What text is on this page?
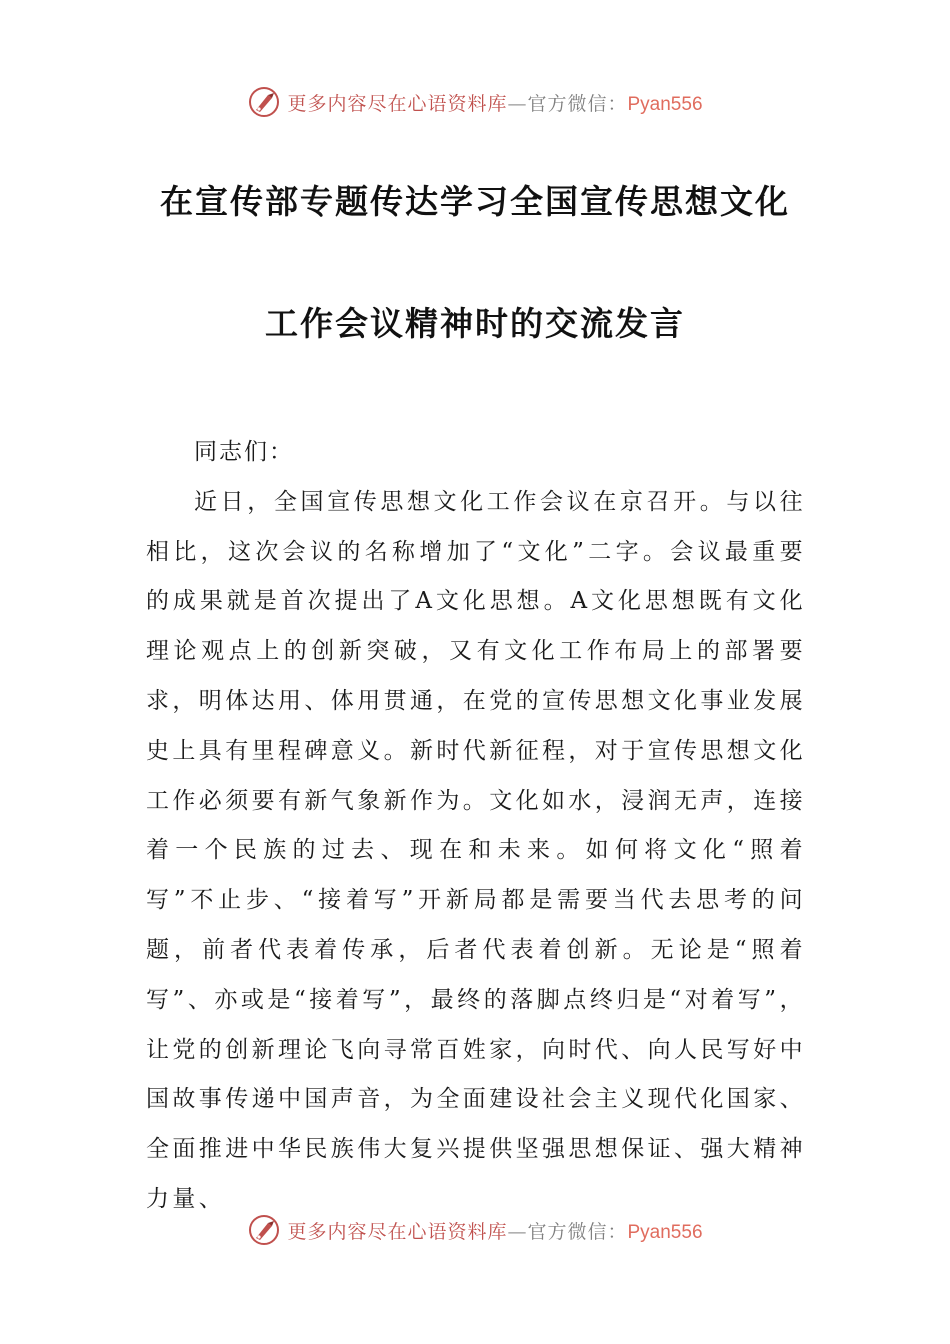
更多内容尽在心语资料库—官方微信：Pyan556
在宣传部专题传达学习全国宣传思想文化
工作会议精神时的交流发言

同志们：

近日，全国宣传思想文化工作会议在京召开。与以往相比，这次会议的名称增加了“文化”二字。会议最重要的成果就是首次提出了A文化思想。A文化思想既有文化理论观点上的创新突破，又有文化工作布局上的部署要求，明体达用、体用贯通，在党的宣传思想文化事业发展史上具有里程碑意义。新时代新征程，对于宣传思想文化工作必须要有新气象新作为。文化如水，浸润无声，连接着一个民族的过去、现在和未来。如何将文化“照着写”不止步、“接着写”开新局都是需要当代去思考的问题，前者代表着传承，后者代表着创新。无论是“照着写”、亦或是“接着写”，最终的落脚点终归是“对着写”，让党的创新理论飞向寻常百姓家，向时代、向人民写好中国故事传递中国声音，为全面建设社会主义现代化国家、全面推进中华民族伟大复兴提供坚强思想保证、强大精神力量、

更多内容尽在心语资料库—官方微信：Pyan556
